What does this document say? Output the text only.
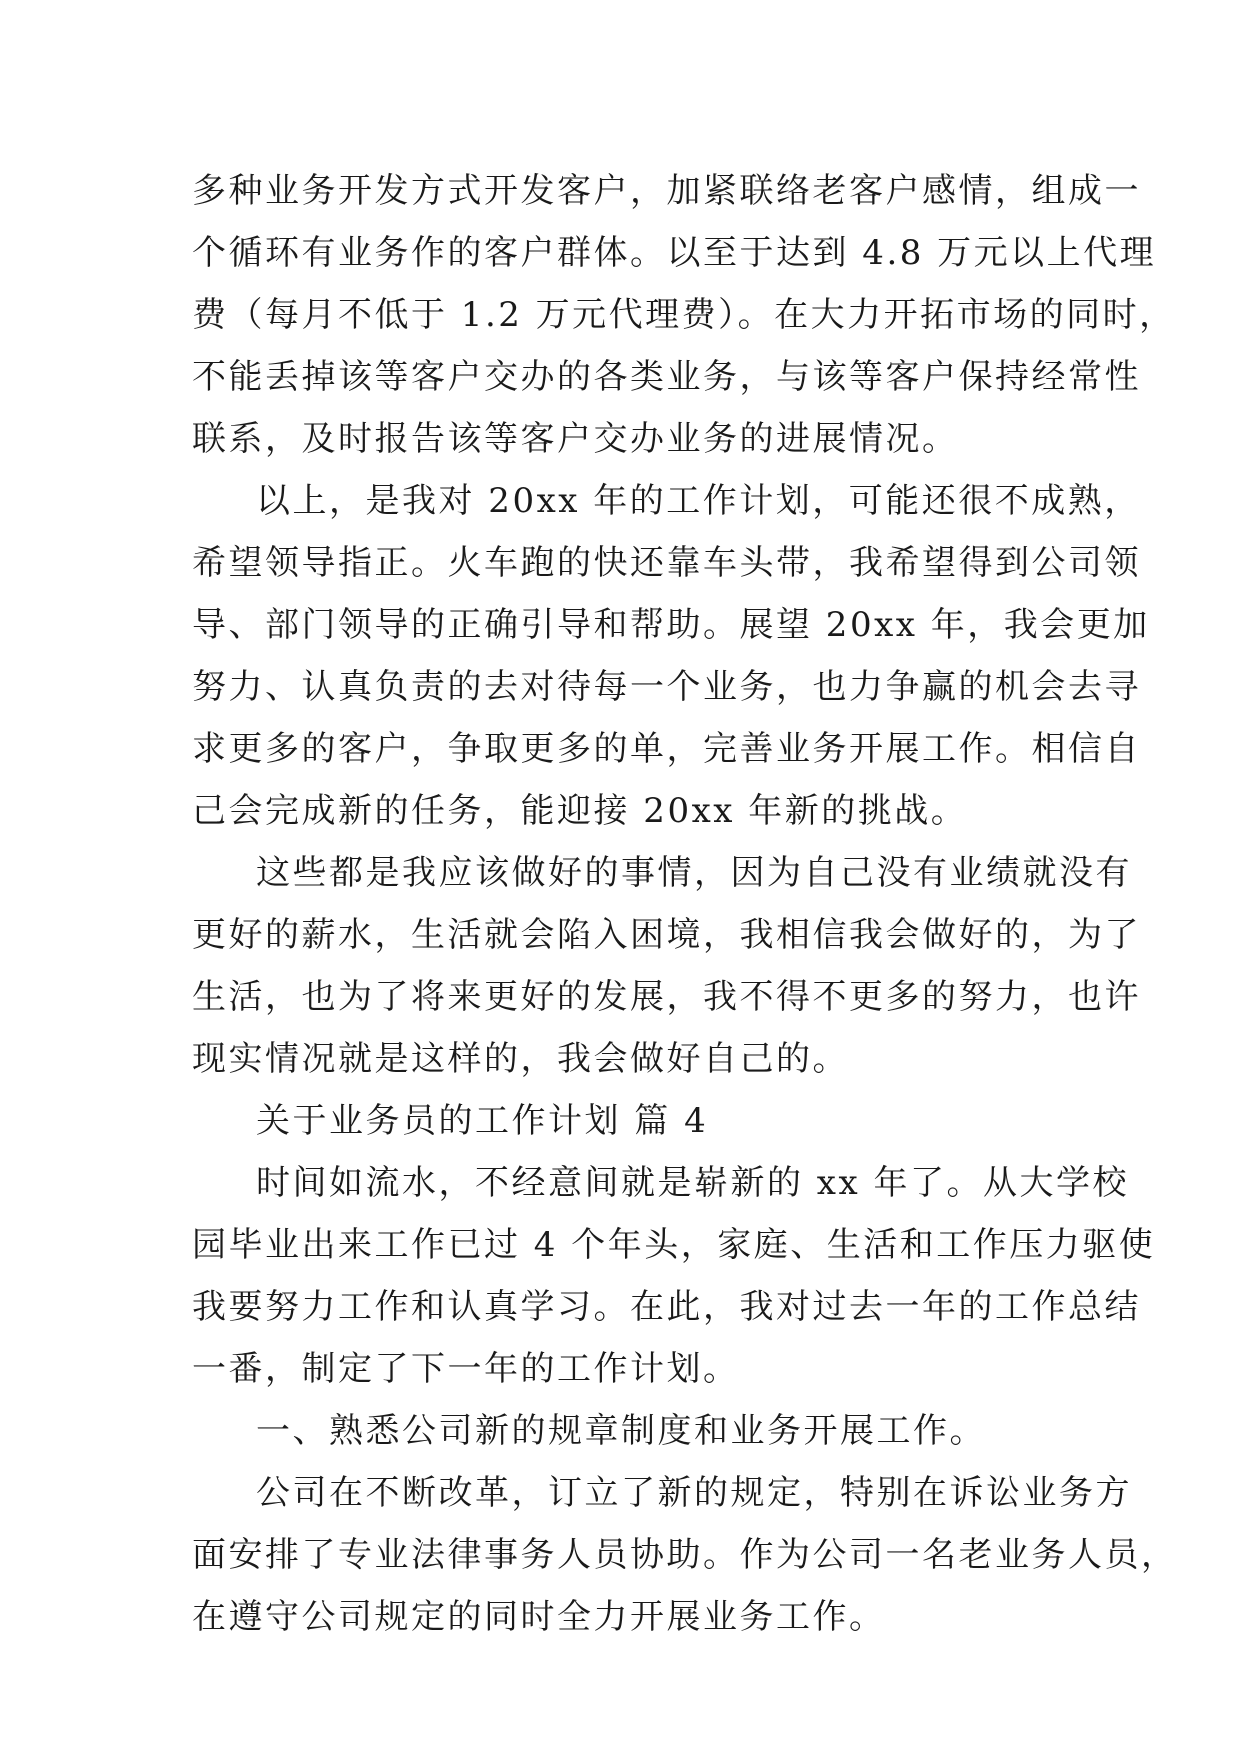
多种业务开发方式开发客户，加紧联络老客户感情，组成一
个循环有业务作的客户群体。以至于达到 4.8 万元以上代理
费（每月不低于 1.2 万元代理费）。在大力开拓市场的同时，
不能丢掉该等客户交办的各类业务，与该等客户保持经常性
联系，及时报告该等客户交办业务的进展情况。
以上，是我对 20xx 年的工作计划，可能还很不成熟，
希望领导指正。火车跑的快还靠车头带，我希望得到公司领
导、部门领导的正确引导和帮助。展望 20xx 年，我会更加
努力、认真负责的去对待每一个业务，也力争赢的机会去寻
求更多的客户，争取更多的单，完善业务开展工作。相信自
己会完成新的任务，能迎接 20xx 年新的挑战。
这些都是我应该做好的事情，因为自己没有业绩就没有
更好的薪水，生活就会陷入困境，我相信我会做好的，为了
生活，也为了将来更好的发展，我不得不更多的努力，也许
现实情况就是这样的，我会做好自己的。
关于业务员的工作计划 篇 4
时间如流水，不经意间就是崭新的 xx 年了。从大学校
园毕业出来工作已过 4 个年头，家庭、生活和工作压力驱使
我要努力工作和认真学习。在此，我对过去一年的工作总结
一番，制定了下一年的工作计划。
一、熟悉公司新的规章制度和业务开展工作。
公司在不断改革，订立了新的规定，特别在诉讼业务方
面安排了专业法律事务人员协助。作为公司一名老业务人员，
在遵守公司规定的同时全力开展业务工作。
